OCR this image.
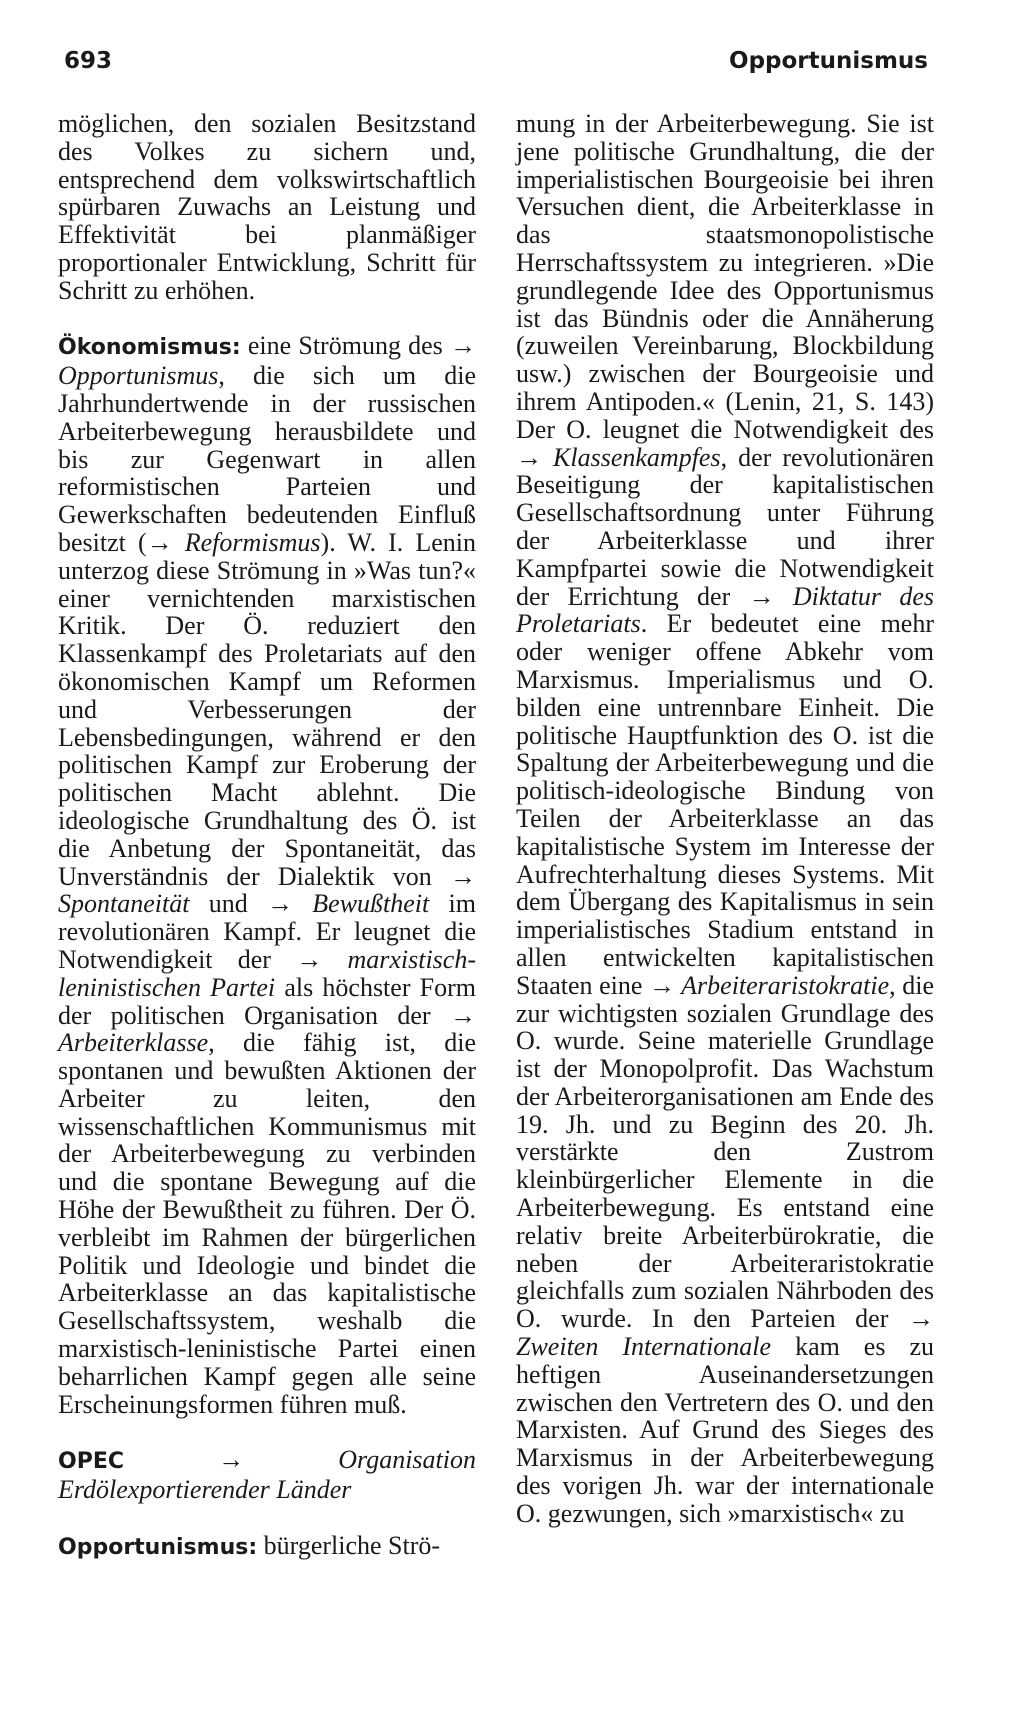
693	Opportunismus

möglichen, den sozialen Besitzstand des Volkes zu sichern und, entsprechend dem volkswirtschaftlich spürbaren Zuwachs an Leistung und Effektivität bei planmäßiger proportionaler Entwicklung, Schritt für Schritt zu erhöhen.

Ökonomismus: eine Strömung des → Opportunismus, die sich um die Jahrhundertwende in der russischen Arbeiterbewegung herausbildete und bis zur Gegenwart in allen reformistischen Parteien und Gewerkschaften bedeutenden Einfluß besitzt (→ Reformismus). W. I. Lenin unterzog diese Strömung in »Was tun?« einer vernichtenden marxistischen Kritik. Der Ö. reduziert den Klassenkampf des Proletariats auf den ökonomischen Kampf um Reformen und Verbesserungen der Lebensbedingungen, während er den politischen Kampf zur Eroberung der politischen Macht ablehnt. Die ideologische Grundhaltung des Ö. ist die Anbetung der Spontaneität, das Unverständnis der Dialektik von → Spontaneität und → Bewußtheit im revolutionären Kampf. Er leugnet die Notwendigkeit der → marxistisch-leninistischen Partei als höchster Form der politischen Organisation der → Arbeiterklasse, die fähig ist, die spontanen und bewußten Aktionen der Arbeiter zu leiten, den wissenschaftlichen Kommunismus mit der Arbeiterbewegung zu verbinden und die spontane Bewegung auf die Höhe der Bewußtheit zu führen. Der Ö. verbleibt im Rahmen der bürgerlichen Politik und Ideologie und bindet die Arbeiterklasse an das kapitalistische Gesellschaftssystem, weshalb die marxistisch-leninistische Partei einen beharrlichen Kampf gegen alle seine Erscheinungsformen führen muß.

OPEC → Organisation Erdölexportierender Länder

Opportunismus: bürgerliche Strö-

mung in der Arbeiterbewegung. Sie ist jene politische Grundhaltung, die der imperialistischen Bourgeoisie bei ihren Versuchen dient, die Arbeiterklasse in das staatsmonopolistische Herrschaftssystem zu integrieren. »Die grundlegende Idee des Opportunismus ist das Bündnis oder die Annäherung (zuweilen Vereinbarung, Blockbildung usw.) zwischen der Bourgeoisie und ihrem Antipoden.« (Lenin, 21, S. 143) Der O. leugnet die Notwendigkeit des → Klassenkampfes, der revolutionären Beseitigung der kapitalistischen Gesellschaftsordnung unter Führung der Arbeiterklasse und ihrer Kampfpartei sowie die Notwendigkeit der Errichtung der → Diktatur des Proletariats. Er bedeutet eine mehr oder weniger offene Abkehr vom Marxismus. Imperialismus und O. bilden eine untrennbare Einheit. Die politische Hauptfunktion des O. ist die Spaltung der Arbeiterbewegung und die politisch-ideologische Bindung von Teilen der Arbeiterklasse an das kapitalistische System im Interesse der Aufrechterhaltung dieses Systems. Mit dem Übergang des Kapitalismus in sein imperialistisches Stadium entstand in allen entwickelten kapitalistischen Staaten eine → Arbeiteraristokratie, die zur wichtigsten sozialen Grundlage des O. wurde. Seine materielle Grundlage ist der Monopolprofit. Das Wachstum der Arbeiterorganisationen am Ende des 19. Jh. und zu Beginn des 20. Jh. verstärkte den Zustrom kleinbürgerlicher Elemente in die Arbeiterbewegung. Es entstand eine relativ breite Arbeiterbürokratie, die neben der Arbeiteraristokratie gleichfalls zum sozialen Nährboden des O. wurde. In den Parteien der → Zweiten Internationale kam es zu heftigen Auseinandersetzungen zwischen den Vertretern des O. und den Marxisten. Auf Grund des Sieges des Marxismus in der Arbeiterbewegung des vorigen Jh. war der internationale O. gezwungen, sich »marxistisch« zu
